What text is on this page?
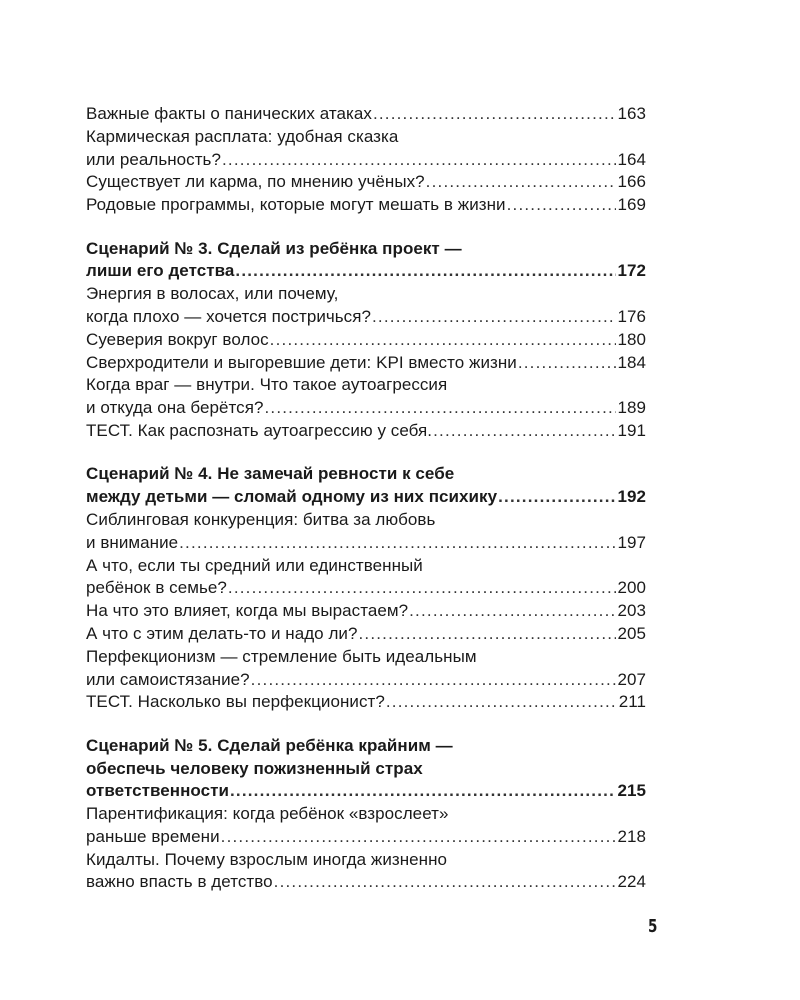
Важные факты о панических атаках .....	163
Кармическая расплата: удобная сказка
или реальность? .....	164
Существует ли карма, по мнению учёных? .....	166
Родовые программы, которые могут мешать в жизни .....	169
Сценарий № 3. Сделай из ребёнка проект —
лиши его детства .....	172
Энергия в волосах, или почему,
когда плохо — хочется постричься? .....	176
Суеверия вокруг волос .....	180
Сверхродители и выгоревшие дети: KPI вместо жизни .....	184
Когда враг — внутри. Что такое аутоагрессия
и откуда она берётся? .....	189
ТЕСТ. Как распознать аутоагрессию у себя. .....	191
Сценарий № 4. Не замечай ревности к себе
между детьми — сломай одному из них психику .....	192
Сиблинговая конкуренция: битва за любовь
и внимание .....	197
А что, если ты средний или единственный
ребёнок в семье? .....	200
На что это влияет, когда мы вырастаем? .....	203
А что с этим делать-то и надо ли? .....	205
Перфекционизм — стремление быть идеальным
или самоистязание? .....	207
ТЕСТ. Насколько вы перфекционист? .....	211
Сценарий № 5. Сделай ребёнка крайним —
обеспечь человеку пожизненный страх
ответственности .....	215
Парентификация: когда ребёнок «взрослеет»
раньше времени .....	218
Кидалты. Почему взрослым иногда жизненно
важно впасть в детство .....	224
5
